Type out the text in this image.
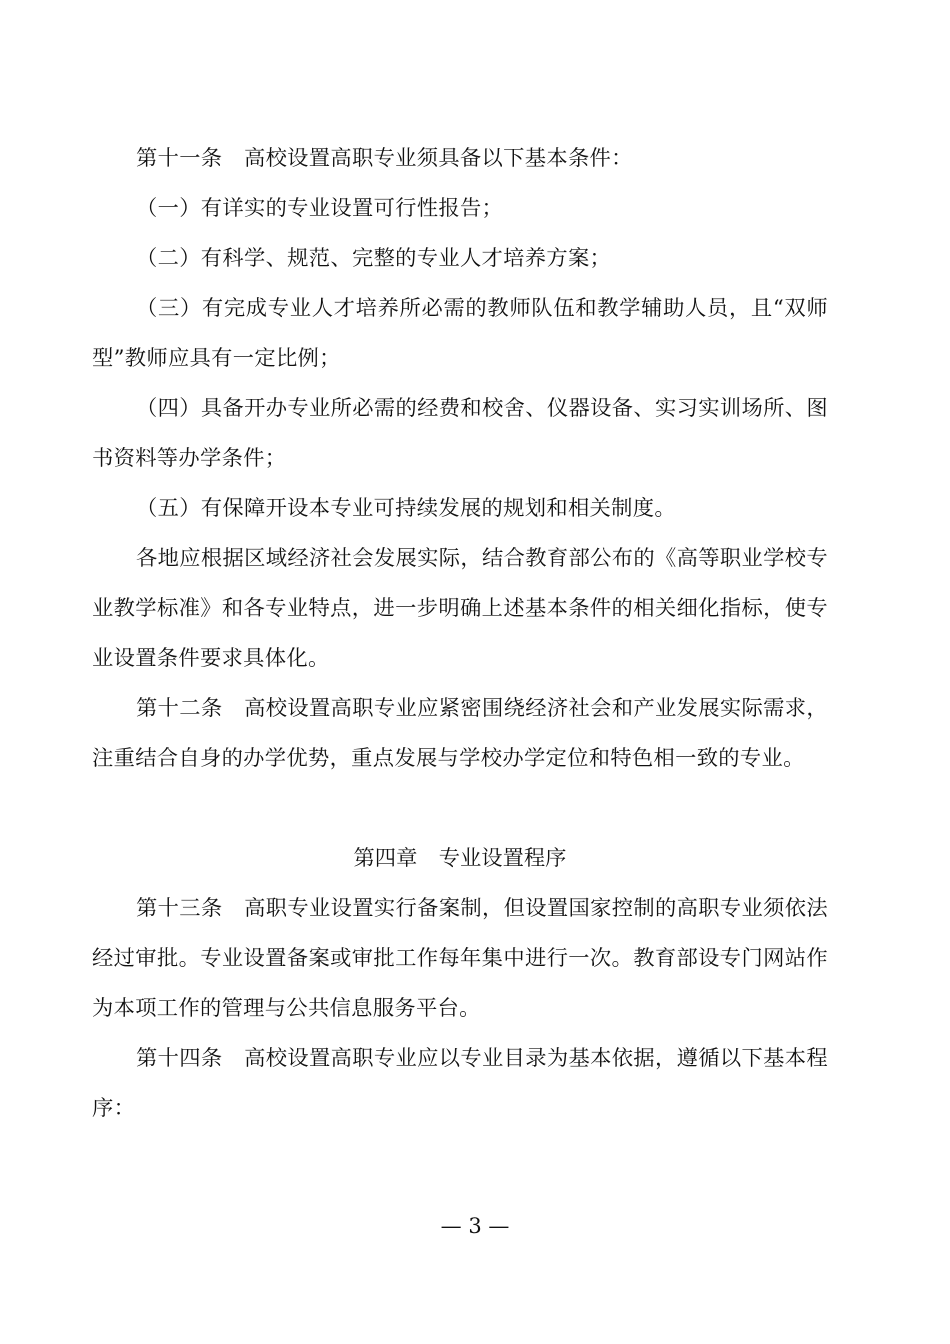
第十一条　高校设置高职专业须具备以下基本条件：

（一）有详实的专业设置可行性报告；

（二）有科学、规范、完整的专业人才培养方案；

（三）有完成专业人才培养所必需的教师队伍和教学辅助人员，且“双师型”教师应具有一定比例；

（四）具备开办专业所必需的经费和校舍、仪器设备、实习实训场所、图书资料等办学条件；

（五）有保障开设本专业可持续发展的规划和相关制度。

各地应根据区域经济社会发展实际，结合教育部公布的《高等职业学校专业教学标准》和各专业特点，进一步明确上述基本条件的相关细化指标，使专业设置条件要求具体化。

第十二条　高校设置高职专业应紧密围绕经济社会和产业发展实际需求，注重结合自身的办学优势，重点发展与学校办学定位和特色相一致的专业。

第四章　专业设置程序

第十三条　高职专业设置实行备案制，但设置国家控制的高职专业须依法经过审批。专业设置备案或审批工作每年集中进行一次。教育部设专门网站作为本项工作的管理与公共信息服务平台。

第十四条　高校设置高职专业应以专业目录为基本依据，遵循以下基本程序：

— 3 —
